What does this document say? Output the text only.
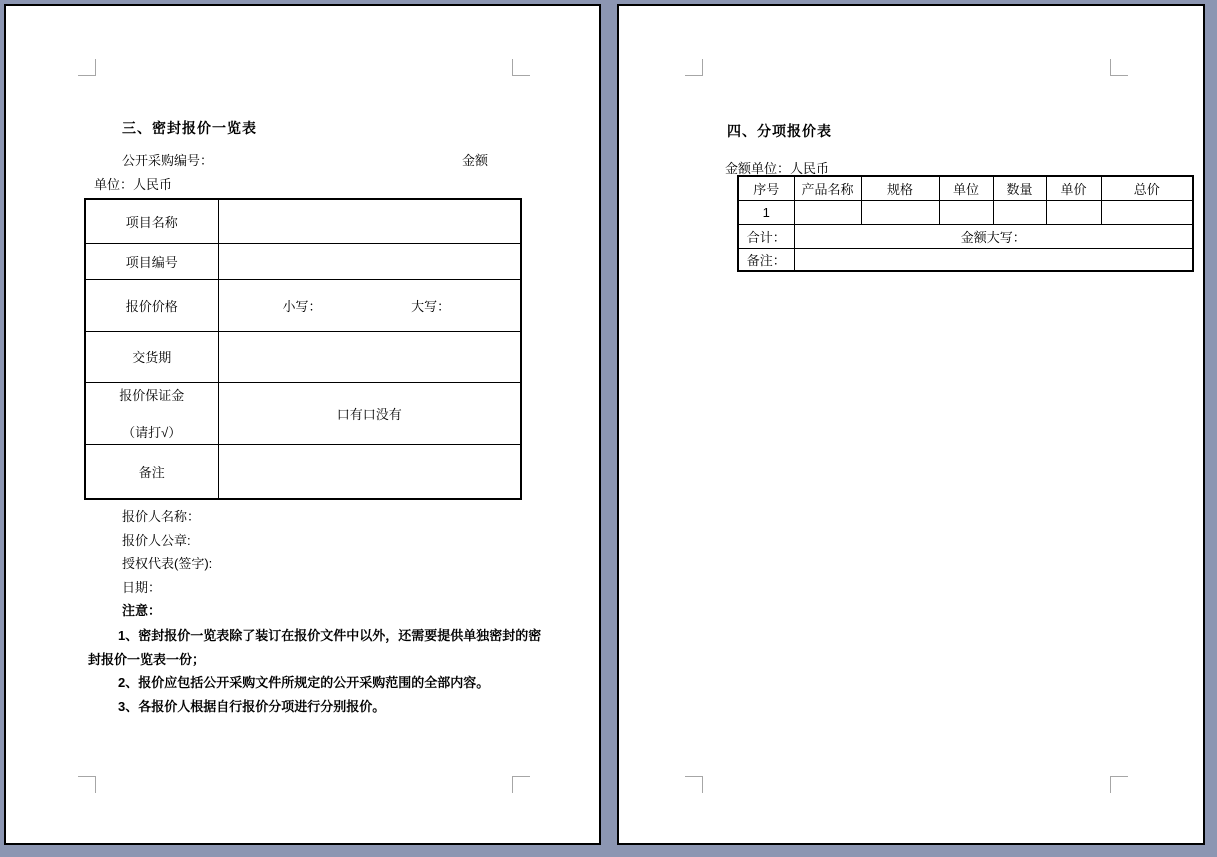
三、密封报价一览表
公开采购编号：	金额
单位：人民币
项目名称	
项目编号	
报价价格	小写： 大写：
交货期	

报价保证金
（请打√）	口有口没有
备注	
报价人名称：
报价人公章:
授权代表(签字):
日期：
注意：
1、密封报价一览表除了装订在报价文件中以外，还需要提供单独密封的密
封报价一览表一份；
2、报价应包括公开采购文件所规定的公开采购范围的全部内容。
3、各报价人根据自行报价分项进行分别报价。
四、分项报价表
金额单位：人民币
序号	产品名称	规格	单位	数量	单价	总价
1						
合计：	金额大写：					
备注：						
